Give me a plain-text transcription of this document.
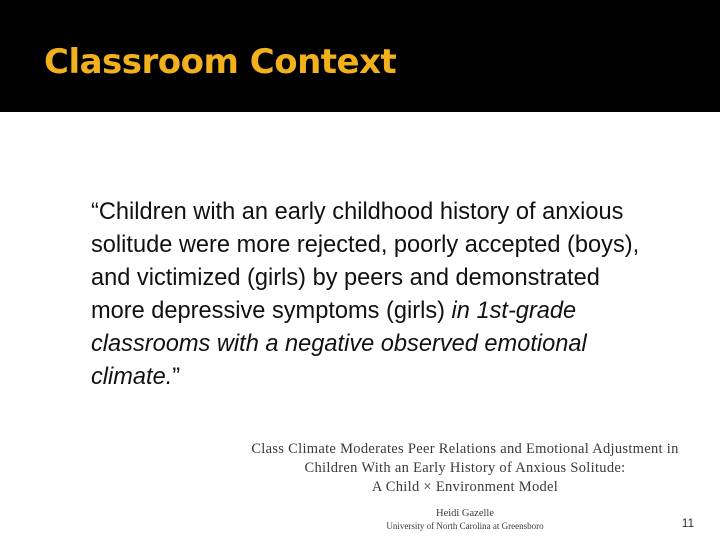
Classroom Context
“Children with an early childhood history of anxious solitude were more rejected, poorly accepted (boys), and victimized (girls) by peers and demonstrated more depressive symptoms (girls) in 1st-grade classrooms with a negative observed emotional climate.”
Class Climate Moderates Peer Relations and Emotional Adjustment in
Children With an Early History of Anxious Solitude:
A Child × Environment Model
Heidi Gazelle
University of North Carolina at Greensboro	11
